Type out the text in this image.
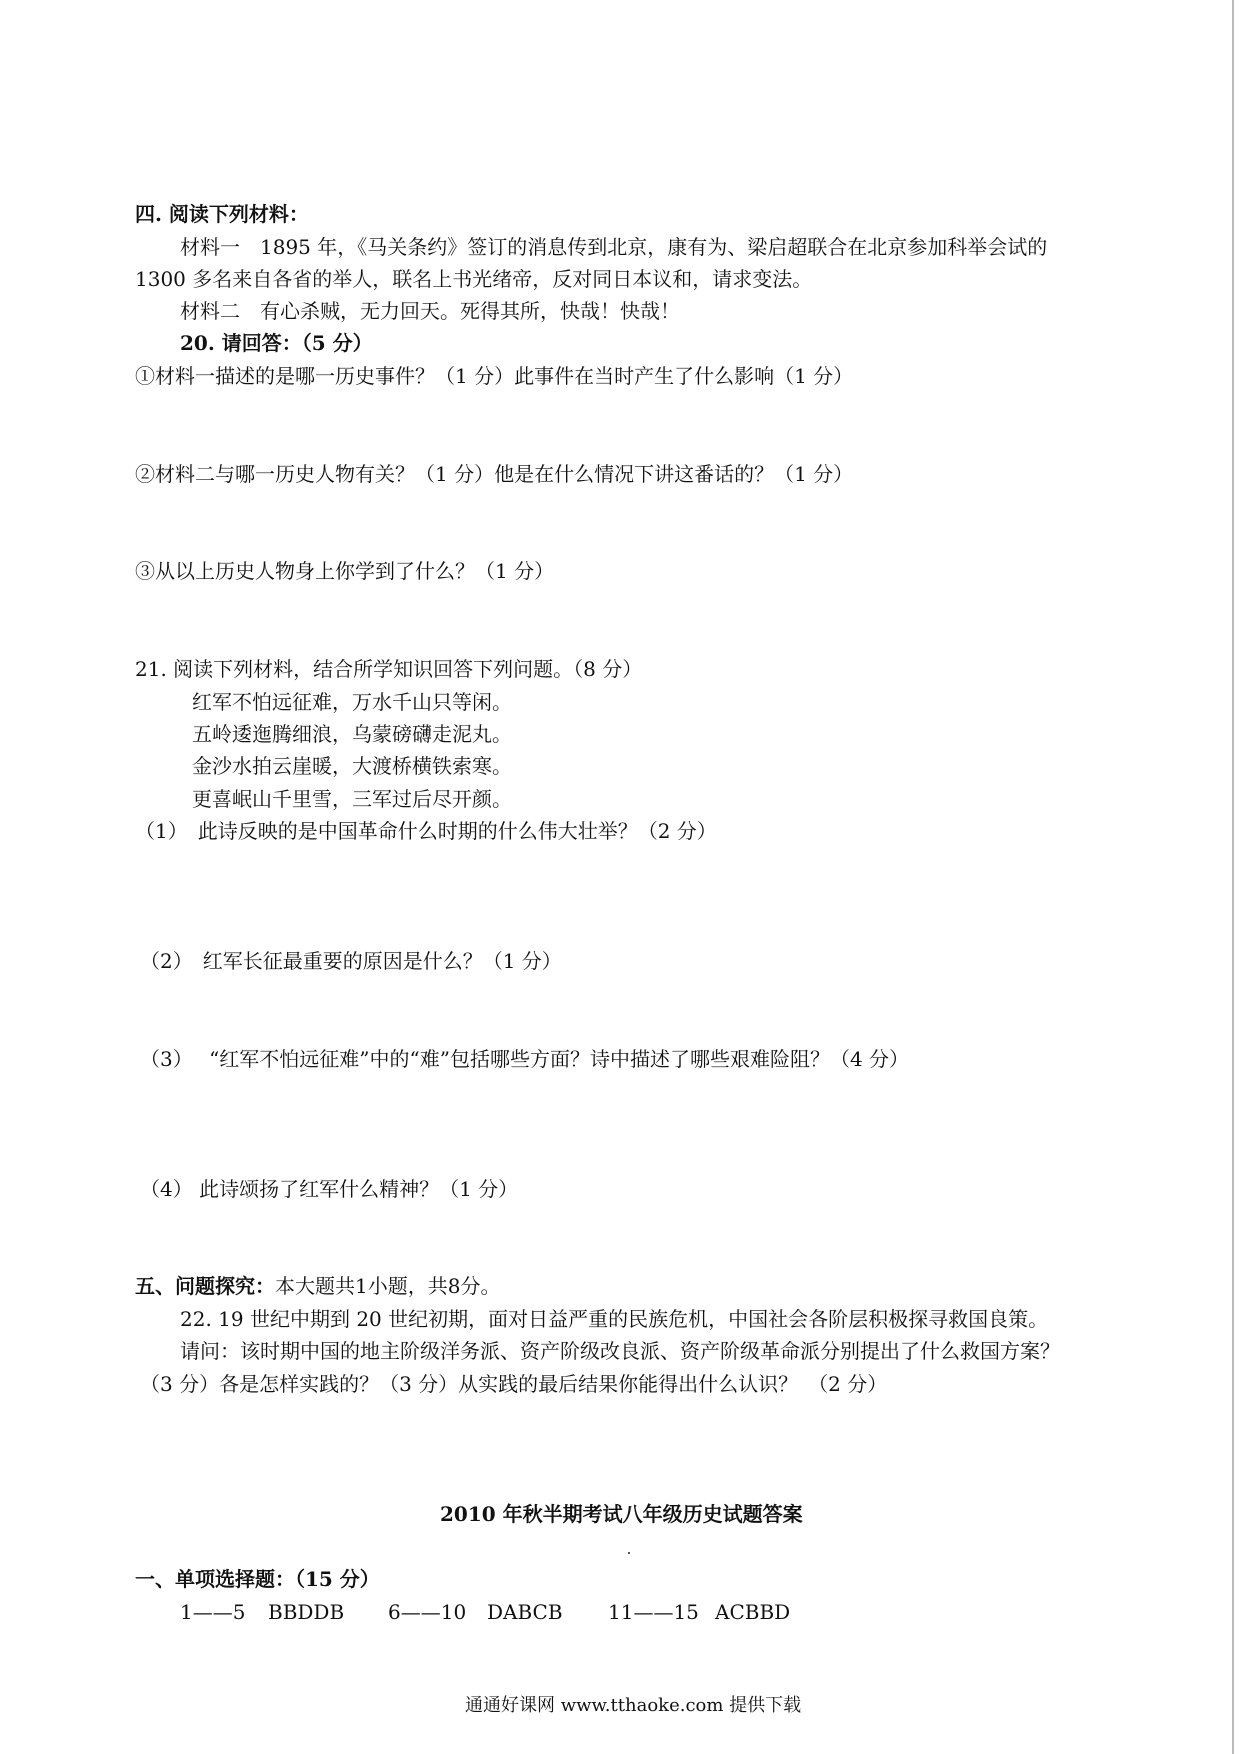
四. 阅读下列材料：
材料一　1895 年，《马关条约》签订的消息传到北京，康有为、梁启超联合在北京参加科举会试的
1300 多名来自各省的举人，联名上书光绪帝，反对同日本议和，请求变法。
材料二　有心杀贼，无力回天。死得其所，快哉！快哉！
20. 请回答：（5 分）
①材料一描述的是哪一历史事件？（1 分）此事件在当时产生了什么影响（1 分）
②材料二与哪一历史人物有关？（1 分）他是在什么情况下讲这番话的？（1 分）
③从以上历史人物身上你学到了什么？（1 分）
21. 阅读下列材料，结合所学知识回答下列问题。（8 分）
红军不怕远征难，万水千山只等闲。
五岭逶迤腾细浪，乌蒙磅礴走泥丸。
金沙水拍云崖暖，大渡桥横铁索寒。
更喜岷山千里雪，三军过后尽开颜。
（1）　此诗反映的是中国革命什么时期的什么伟大壮举？（2 分）
（2）　红军长征最重要的原因是什么？（1 分）
（3）　 “红军不怕远征难”中的“难”包括哪些方面？诗中描述了哪些艰难险阻？（4 分）
（4） 此诗颂扬了红军什么精神？（1 分）
五、问题探究：本大题共1小题，共8分。
22. 19 世纪中期到 20 世纪初期，面对日益严重的民族危机，中国社会各阶层积极探寻救国良策。
请问：该时期中国的地主阶级洋务派、资产阶级改良派、资产阶级革命派分别提出了什么救国方案？
（3 分）各是怎样实践的？（3 分）从实践的最后结果你能得出什么认识？　（2 分）
2010 年秋半期考试八年级历史试题答案
一、单项选择题：（15 分）
1——5 BBDDB 6——10 DABCB 11——15 ACBBD
通通好课网 www.tthaoke.com 提供下载
